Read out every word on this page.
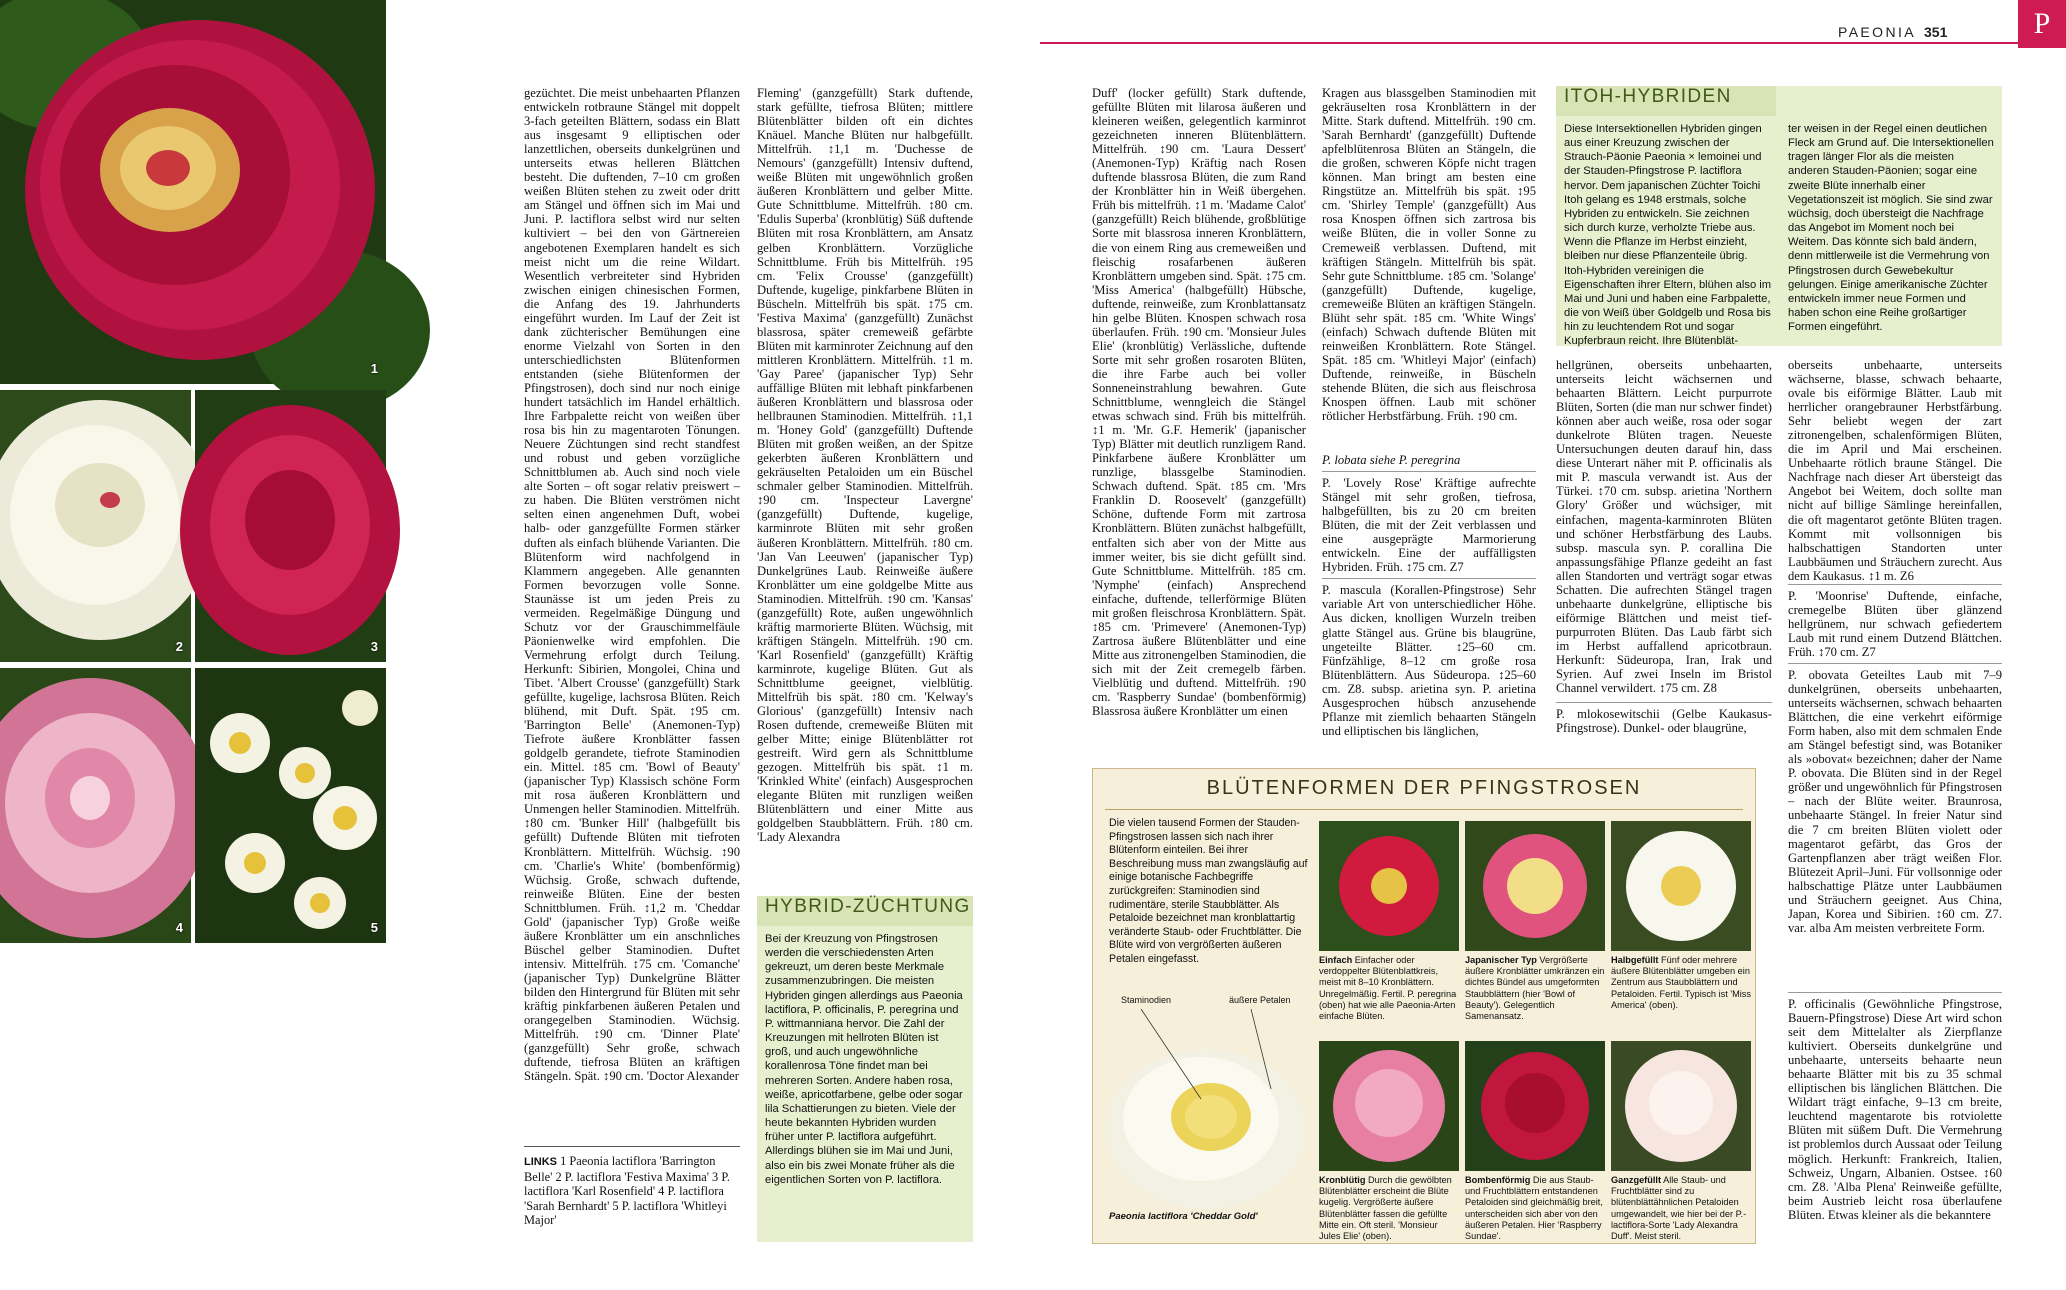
1
2	3
4	5
PAEONIA 351	P

gezüchtet. Die meist unbehaarten Pflanzen entwickeln rotbraune Stängel mit doppelt 3-fach geteilten Blättern, sodass ein Blatt aus insgesamt 9 elliptischen oder lanzettlichen, oberseits dunkelgrünen und unterseits etwas helleren Blättchen besteht. Die duftenden, 7–10 cm großen weißen Blüten stehen zu zweit oder dritt am Stängel und öffnen sich im Mai und Juni. P. lactiflora selbst wird nur selten kultiviert – bei den von Gärtnereien angebotenen Exemplaren handelt es sich meist nicht um die reine Wildart. Wesentlich verbreiteter sind Hybriden zwischen einigen chinesischen Formen, die Anfang des 19. Jahrhunderts eingeführt wurden. Im Lauf der Zeit ist dank züchterischer Bemühungen eine enorme Vielzahl von Sorten in den unterschiedlichsten Blütenformen entstanden (siehe Blütenformen der Pfingstrosen), doch sind nur noch einige hundert tatsächlich im Handel erhältlich. Ihre Farbpalette reicht von weißen über rosa bis hin zu magentaroten Tönungen. Neuere Züchtungen sind recht standfest und robust und geben vorzügliche Schnittblumen ab. Auch sind noch viele alte Sorten – oft sogar relativ preiswert – zu haben. Die Blüten verströmen nicht selten einen angenehmen Duft, wobei halb- oder ganzgefüllte Formen stärker duften als einfach blühende Varianten. Die Blütenform wird nachfolgend in Klammern angegeben. Alle genannten Formen bevorzugen volle Sonne. Staunässe ist um jeden Preis zu vermeiden. Regelmäßige Düngung und Schutz vor der Grauschimmelfäule Päonienwelke wird empfohlen. Die Vermehrung erfolgt durch Teilung. Herkunft: Sibirien, Mongolei, China und Tibet. 'Albert Crousse' (ganzgefüllt) Stark gefüllte, kugelige, lachsrosa Blüten. Reich blühend, mit Duft. Spät. ↕95 cm. 'Barrington Belle' (Anemonen-Typ) Tiefrote äußere Kronblätter fassen goldgelb gerandete, tiefrote Staminodien ein. Mittel. ↕85 cm. 'Bowl of Beauty' (japanischer Typ) Klassisch schöne Form mit rosa äußeren Kronblättern und Unmengen heller Staminodien. Mittelfrüh. ↕80 cm. 'Bunker Hill' (halbgefüllt bis gefüllt) Duftende Blüten mit tiefroten Kronblättern. Mittelfrüh. Wüchsig. ↕90 cm. 'Charlie's White' (bombenförmig) Wüchsig. Große, schwach duftende, reinweiße Blüten. Eine der besten Schnittblumen. Früh. ↕1,2 m. 'Cheddar Gold' (japanischer Typ) Große weiße äußere Kronblätter um ein anschnliches Büschel gelber Staminodien. Duftet intensiv. Mittelfrüh. ↕75 cm. 'Comanche' (japanischer Typ) Dunkelgrüne Blätter bilden den Hintergrund für Blüten mit sehr kräftig pinkfarbenen äußeren Petalen und orangegelben Staminodien. Wüchsig. Mittelfrüh. ↕90 cm. 'Dinner Plate' (ganzgefüllt) Sehr große, schwach duftende, tiefrosa Blüten an kräftigen Stängeln. Spät. ↕90 cm. 'Doctor Alexander

Fleming' (ganzgefüllt) Stark duftende, stark gefüllte, tiefrosa Blüten; mittlere Blütenblätter bilden oft ein dichtes Knäuel. Manche Blüten nur halbgefüllt. Mittelfrüh. ↕1,1 m. 'Duchesse de Nemours' (ganzgefüllt) Intensiv duftend, weiße Blüten mit ungewöhnlich großen äußeren Kronblättern und gelber Mitte. Gute Schnittblume. Mittelfrüh. ↕80 cm. 'Edulis Superba' (kronblütig) Süß duftende Blüten mit rosa Kronblättern, am Ansatz gelben Kronblättern. Vorzügliche Schnittblume. Früh bis Mittelfrüh. ↕95 cm. 'Felix Crousse' (ganzgefüllt) Duftende, kugelige, pinkfarbene Blüten in Büscheln. Mittelfrüh bis spät. ↕75 cm. 'Festiva Maxima' (ganzgefüllt) Zunächst blassrosa, später cremeweiß gefärbte Blüten mit karminroter Zeichnung auf den mittleren Kronblättern. Mittelfrüh. ↕1 m. 'Gay Paree' (japanischer Typ) Sehr auffällige Blüten mit lebhaft pinkfarbenen äußeren Kronblättern und blassrosa oder hellbraunen Staminodien. Mittelfrüh. ↕1,1 m. 'Honey Gold' (ganzgefüllt) Duftende Blüten mit großen weißen, an der Spitze gekerbten äußeren Kronblättern und gekräuselten Petaloiden um ein Büschel schmaler gelber Staminodien. Mittelfrüh. ↕90 cm. 'Inspecteur Lavergne' (ganzgefüllt) Duftende, kugelige, karminrote Blüten mit sehr großen äußeren Kronblättern. Mittelfrüh. ↕80 cm. 'Jan Van Leeuwen' (japanischer Typ) Dunkelgrünes Laub. Reinweiße äußere Kronblätter um eine goldgelbe Mitte aus Staminodien. Mittelfrüh. ↕90 cm. 'Kansas' (ganzgefüllt) Rote, außen ungewöhnlich kräftig marmorierte Blüten. Wüchsig, mit kräftigen Stängeln. Mittelfrüh. ↕90 cm. 'Karl Rosenfield' (ganzgefüllt) Kräftig karminrote, kugelige Blüten. Gut als Schnittblume geeignet, vielblütig. Mittelfrüh bis spät. ↕80 cm. 'Kelway's Glorious' (ganzgefüllt) Intensiv nach Rosen duftende, cremeweiße Blüten mit gelber Mitte; einige Blütenblätter rot gestreift. Wird gern als Schnittblume gezogen. Mittelfrüh bis spät. ↕1 m. 'Krinkled White' (einfach) Ausgesprochen elegante Blüten mit runzligen weißen Blütenblättern und einer Mitte aus goldgelben Staubblättern. Früh. ↕80 cm. 'Lady Alexandra

Duff' (locker gefüllt) Stark duftende, gefüllte Blüten mit lilarosa äußeren und kleineren weißen, gelegentlich karminrot gezeichneten inneren Blütenblättern. Mittelfrüh. ↕90 cm. 'Laura Dessert' (Anemonen-Typ) Kräftig nach Rosen duftende blassrosa Blüten, die zum Rand der Kronblätter hin in Weiß übergehen. Früh bis mittelfrüh. ↕1 m. 'Madame Calot' (ganzgefüllt) Reich blühende, großblütige Sorte mit blassrosa inneren Kronblättern, die von einem Ring aus cremeweißen und fleischig rosafarbenen äußeren Kronblättern umgeben sind. Spät. ↕75 cm. 'Miss America' (halbgefüllt) Hübsche, duftende, reinweiße, zum Kronblattansatz hin gelbe Blüten. Knospen schwach rosa überlaufen. Früh. ↕90 cm. 'Monsieur Jules Elie' (kronblütig) Verlässliche, duftende Sorte mit sehr großen rosaroten Blüten, die ihre Farbe auch bei voller Sonneneinstrahlung bewahren. Gute Schnittblume, wenngleich die Stängel etwas schwach sind. Früh bis mittelfrüh. ↕1 m. 'Mr. G.F. Hemerik' (japanischer Typ) Blätter mit deutlich runzligem Rand. Pinkfarbene äußere Kronblätter um runzlige, blassgelbe Staminodien. Schwach duftend. Spät. ↕85 cm. 'Mrs Franklin D. Roosevelt' (ganzgefüllt) Schöne, duftende Form mit zartrosa Kronblättern. Blüten zunächst halbgefüllt, entfalten sich aber von der Mitte aus immer weiter, bis sie dicht gefüllt sind. Gute Schnittblume. Mittelfrüh. ↕85 cm. 'Nymphe' (einfach) Ansprechend einfache, duftende, tellerförmige Blüten mit großen fleischrosa Kronblättern. Spät. ↕85 cm. 'Primevere' (Anemonen-Typ) Zartrosa äußere Blütenblätter und eine Mitte aus zitronengelben Staminodien, die sich mit der Zeit cremegelb färben. Vielblütig und duftend. Mittelfrüh. ↕90 cm. 'Raspberry Sundae' (bombenförmig) Blassrosa äußere Kronblätter um einen

Kragen aus blassgelben Staminodien mit gekräuselten rosa Kronblättern in der Mitte. Stark duftend. Mittelfrüh. ↕90 cm. 'Sarah Bernhardt' (ganzgefüllt) Duftende apfelblütenrosa Blüten an Stängeln, die die großen, schweren Köpfe nicht tragen können. Man bringt am besten eine Ringstütze an. Mittelfrüh bis spät. ↕95 cm. 'Shirley Temple' (ganzgefüllt) Aus rosa Knospen öffnen sich zartrosa bis weiße Blüten, die in voller Sonne zu Cremeweiß verblassen. Duftend, mit kräftigen Stängeln. Mittelfrüh bis spät. Sehr gute Schnittblume. ↕85 cm. 'Solange' (ganzgefüllt) Duftende, kugelige, cremeweiße Blüten an kräftigen Stängeln. Blüht sehr spät. ↕85 cm. 'White Wings' (einfach) Schwach duftende Blüten mit reinweißen Kronblättern. Rote Stängel. Spät. ↕85 cm. 'Whitleyi Major' (einfach) Duftende, reinweiße, in Büscheln stehende Blüten, die sich aus fleischrosa Knospen öffnen. Laub mit schöner rötlicher Herbstfärbung. Früh. ↕90 cm.

P. lobata siehe P. peregrina

P. 'Lovely Rose' Kräftige aufrechte Stängel mit sehr großen, tiefrosa, halbgefüllten, bis zu 20 cm breiten Blüten, die mit der Zeit verblassen und eine ausgeprägte Marmorierung entwickeln. Eine der auffälligsten Hybriden. Früh. ↕75 cm. Z7

P. mascula (Korallen-Pfingstrose) Sehr variable Art von unterschiedlicher Höhe. Aus dicken, knolligen Wurzeln treiben glatte Stängel aus. Grüne bis blaugrüne, ungeteilte Blätter. ↕25–60 cm. Fünfzählige, 8–12 cm große rosa Blütenblättern. Aus Südeuropa. ↕25–60 cm. Z8. subsp. arietina syn. P. arietina Ausgesprochen hübsch anzusehende Pflanze mit ziemlich behaarten Stängeln und elliptischen bis länglichen,

hellgrünen, oberseits unbehaarten, unterseits leicht wächsernen und behaarten Blättern. Leicht purpurrote Blüten, Sorten (die man nur schwer findet) können aber auch weiße, rosa oder sogar dunkelrote Blüten tragen. Neueste Untersuchungen deuten darauf hin, dass diese Unterart näher mit P. officinalis als mit P. mascula verwandt ist. Aus der Türkei. ↕70 cm. subsp. arietina 'Northern Glory' Größer und wüchsiger, mit einfachen, magenta-karminroten Blüten und schöner Herbstfärbung des Laubs. subsp. mascula syn. P. corallina Die anpassungsfähige Pflanze gedeiht an fast allen Standorten und verträgt sogar etwas Schatten. Die aufrechten Stängel tragen unbehaarte dunkelgrüne, elliptische bis eiförmige Blättchen und meist tief-purpurroten Blüten. Das Laub färbt sich im Herbst auffallend apricotbraun. Herkunft: Südeuropa, Iran, Irak und Syrien. Auf zwei Inseln im Bristol Channel verwildert. ↕75 cm. Z8

P. mlokosewitschii (Gelbe Kaukasus-Pfingstrose). Dunkel- oder blaugrüne,

oberseits unbehaarte, unterseits wächserne, blasse, schwach behaarte, ovale bis eiförmige Blätter. Laub mit herrlicher orangebrauner Herbstfärbung. Sehr beliebt wegen der zart zitronengelben, schalenförmigen Blüten, die im April und Mai erscheinen. Unbehaarte rötlich braune Stängel. Die Nachfrage nach dieser Art übersteigt das Angebot bei Weitem, doch sollte man nicht auf billige Sämlinge hereinfallen, die oft magentarot getönte Blüten tragen. Kommt mit vollsonnigen bis halbschattigen Standorten unter Laubbäumen und Sträuchern zurecht. Aus dem Kaukasus. ↕1 m. Z6

P. 'Moonrise' Duftende, einfache, cremegelbe Blüten über glänzend hellgrünem, nur schwach gefiedertem Laub mit rund einem Dutzend Blättchen. Früh. ↕70 cm. Z7

P. obovata Geteiltes Laub mit 7–9 dunkelgrünen, oberseits unbehaarten, unterseits wächsernen, schwach behaarten Blättchen, die eine verkehrt eiförmige Form haben, also mit dem schmalen Ende am Stängel befestigt sind, was Botaniker als »obovat« bezeichnen; daher der Name P. obovata. Die Blüten sind in der Regel größer und ungewöhnlich für Pfingstrosen – nach der Blüte weiter. Braunrosa, unbehaarte Stängel. In freier Natur sind die 7 cm breiten Blüten violett oder magentarot gefärbt, das Gros der Gartenpflanzen aber trägt weißen Flor. Blütezeit April–Juni. Für vollsonnige oder halbschattige Plätze unter Laubbäumen und Sträuchern geeignet. Aus China, Japan, Korea und Sibirien. ↕60 cm. Z7. var. alba Am meisten verbreitete Form.

P. officinalis (Gewöhnliche Pfingstrose, Bauern-Pfingstrose) Diese Art wird schon seit dem Mittelalter als Zierpflanze kultiviert. Oberseits dunkelgrüne und unbehaarte, unterseits behaarte neun behaarte Blätter mit bis zu 35 schmal elliptischen bis länglichen Blättchen. Die Wildart trägt einfache, 9–13 cm breite, leuchtend magentarote bis rotviolette Blüten mit süßem Duft. Die Vermehrung ist problemlos durch Aussaat oder Teilung möglich. Herkunft: Frankreich, Italien, Schweiz, Ungarn, Albanien. Ostsee. ↕60 cm. Z8. 'Alba Plena' Reinweiße gefüllte, beim Austrieb leicht rosa überlaufene Blüten. Etwas kleiner als die bekanntere

LINKS 1 Paeonia lactiflora 'Barrington Belle' 2 P. lactiflora 'Festiva Maxima' 3 P. lactiflora 'Karl Rosenfield' 4 P. lactiflora 'Sarah Bernhardt' 5 P. lactiflora 'Whitleyi Major'
HYBRID-ZÜCHTUNG
Bei der Kreuzung von Pfingstrosen werden die verschiedensten Arten gekreuzt, um deren beste Merkmale zusammenzubringen. Die meisten Hybriden gingen allerdings aus Paeonia lactiflora, P. officinalis, P. peregrina und P. wittmanniana hervor. Die Zahl der Kreuzungen mit hellroten Blüten ist groß, und auch ungewöhnliche korallenrosa Töne findet man bei mehreren Sorten. Andere haben rosa, weiße, apricotfarbene, gelbe oder sogar lila Schattierungen zu bieten. Viele der heute bekannten Hybriden wurden früher unter P. lactiflora aufgeführt. Allerdings blühen sie im Mai und Juni, also ein bis zwei Monate früher als die eigentlichen Sorten von P. lactiflora.
ITOH-HYBRIDEN
Diese Intersektionellen Hybriden gingen aus einer Kreuzung zwischen der Strauch-Päonie Paeonia × lemoinei und der Stauden-Pfingstrose P. lactiflora hervor. Dem japanischen Züchter Toichi Itoh gelang es 1948 erstmals, solche Hybriden zu entwickeln. Sie zeichnen sich durch kurze, verholzte Triebe aus. Wenn die Pflanze im Herbst einzieht, bleiben nur diese Pflanzenteile übrig. Itoh-Hybriden vereinigen die Eigenschaften ihrer Eltern, blühen also im Mai und Juni und haben eine Farbpalette, die von Weiß über Goldgelb und Rosa bis hin zu leuchtendem Rot und sogar Kupferbraun reicht. Ihre Blütenblät-
ter weisen in der Regel einen deutlichen Fleck am Grund auf. Die Intersektionellen tragen länger Flor als die meisten anderen Stauden-Päonien; sogar eine zweite Blüte innerhalb einer Vegetationszeit ist möglich. Sie sind zwar wüchsig, doch übersteigt die Nachfrage das Angebot im Moment noch bei Weitem. Das könnte sich bald ändern, denn mittlerweile ist die Vermehrung von Pfingstrosen durch Gewebekultur gelungen. Einige amerikanische Züchter entwickeln immer neue Formen und haben schon eine Reihe großartiger Formen eingeführt.
BLÜTENFORMEN DER PFINGSTROSEN
Die vielen tausend Formen der Stauden-Pfingstrosen lassen sich nach ihrer Blütenform einteilen. Bei ihrer Beschreibung muss man zwangsläufig auf einige botanische Fachbegriffe zurückgreifen: Staminodien sind rudimentäre, sterile Staubblätter. Als Petaloide bezeichnet man kronblattartig veränderte Staub- oder Fruchtblätter. Die Blüte wird von vergrößerten äußeren Petalen eingefasst.
Staminodien	äußere Petalen
Paeonia lactiflora 'Cheddar Gold'
Einfach Einfacher oder verdoppelter Blütenblattkreis, meist mit 8–10 Kronblättern. Unregelmäßig. Fertil. P. peregrina (oben) hat wie alle Paeonia-Arten einfache Blüten.
Japanischer Typ Vergrößerte äußere Kronblätter umkränzen ein dichtes Bündel aus umgeformten Staubblättern (hier 'Bowl of Beauty'). Gelegentlich Samenansatz.
Halbgefüllt Fünf oder mehrere äußere Blütenblätter umgeben ein Zentrum aus Staubblättern und Petaloiden. Fertil. Typisch ist 'Miss America' (oben).
Kronblütig Durch die gewölbten Blütenblätter erscheint die Blüte kugelig. Vergrößerte äußere Blütenblätter fassen die gefüllte Mitte ein. Oft steril. 'Monsieur Jules Elie' (oben).
Bombenförmig Die aus Staub- und Fruchtblättern entstandenen Petaloiden sind gleichmäßig breit, unterscheiden sich aber von den äußeren Petalen. Hier 'Raspberry Sundae'.
Ganzgefüllt Alle Staub- und Fruchtblätter sind zu blütenblättähnlichen Petaloiden umgewandelt, wie hier bei der P.-lactiflora-Sorte 'Lady Alexandra Duff'. Meist steril.
